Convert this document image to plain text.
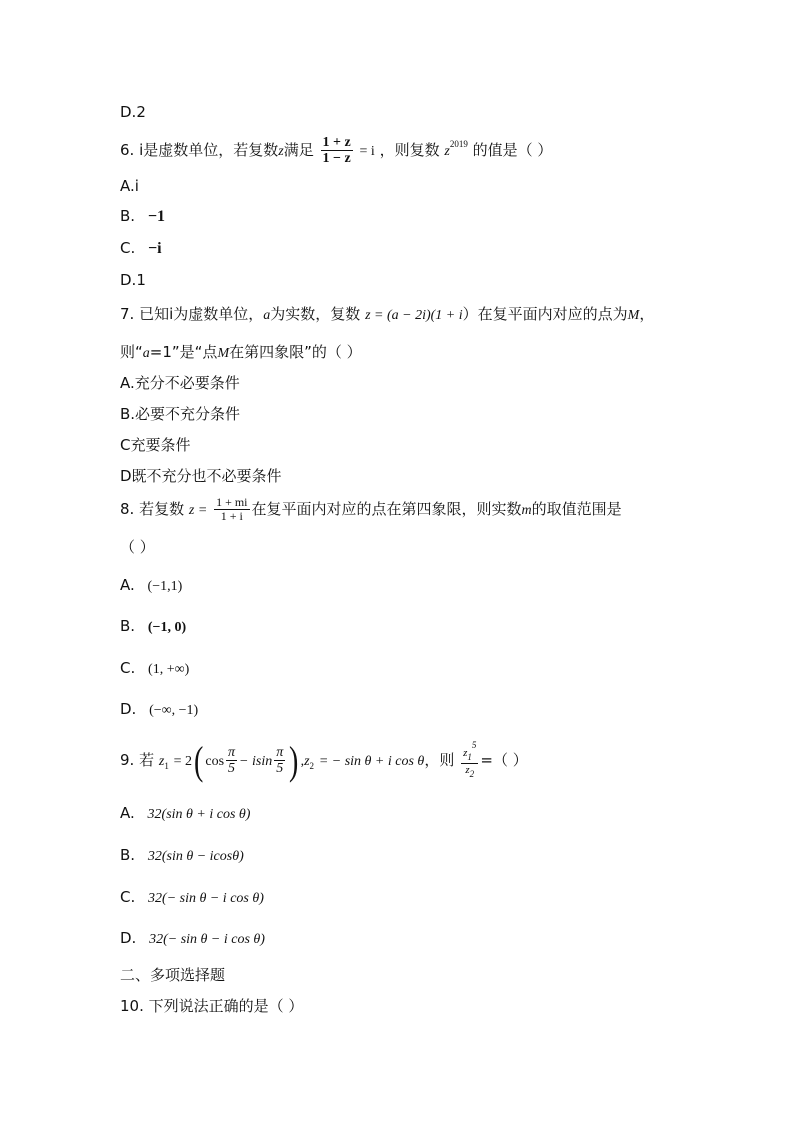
D.2
6. i是虚数单位，若复数z满足 $\frac{1 + z}{1 - z} = i$ ，则复数 $z^{2019}$ 的值是（ ）
A.i
B. −1
C. −i
D.1
7. 已知i为虚数单位，a为实数，复数 z = (a − 2i)(1 + i）在复平面内对应的点为M，
则“a=1”是“点M在第四象限”的（ ）
A.充分不必要条件
B.必要不充分条件
C充要条件
D既不充分也不必要条件
8. 若复数 $z = \frac{1 + mi}{1 + i}$ 在复平面内对应的点在第四象限，则实数m的取值范围是
（ ）
A. (−1,1)
B. (−1, 0)
C. (1, +∞)
D. (−∞, −1)
9. 若 $z_1 = 2$( $\cos \frac{\pi}{5} - isin \frac{\pi}{5}$ ) $,z_2$ = − sin θ + i cos θ，则 $\frac{z_1^5}{z_2}$ =（ ）
A. 32(sin θ + i cos θ)
B. 32(sin θ − icosθ)
C. 32(− sin θ − i cos θ)
D. 32(− sin θ − i cos θ)
二、多项选择题
10. 下列说法正确的是（ ）
